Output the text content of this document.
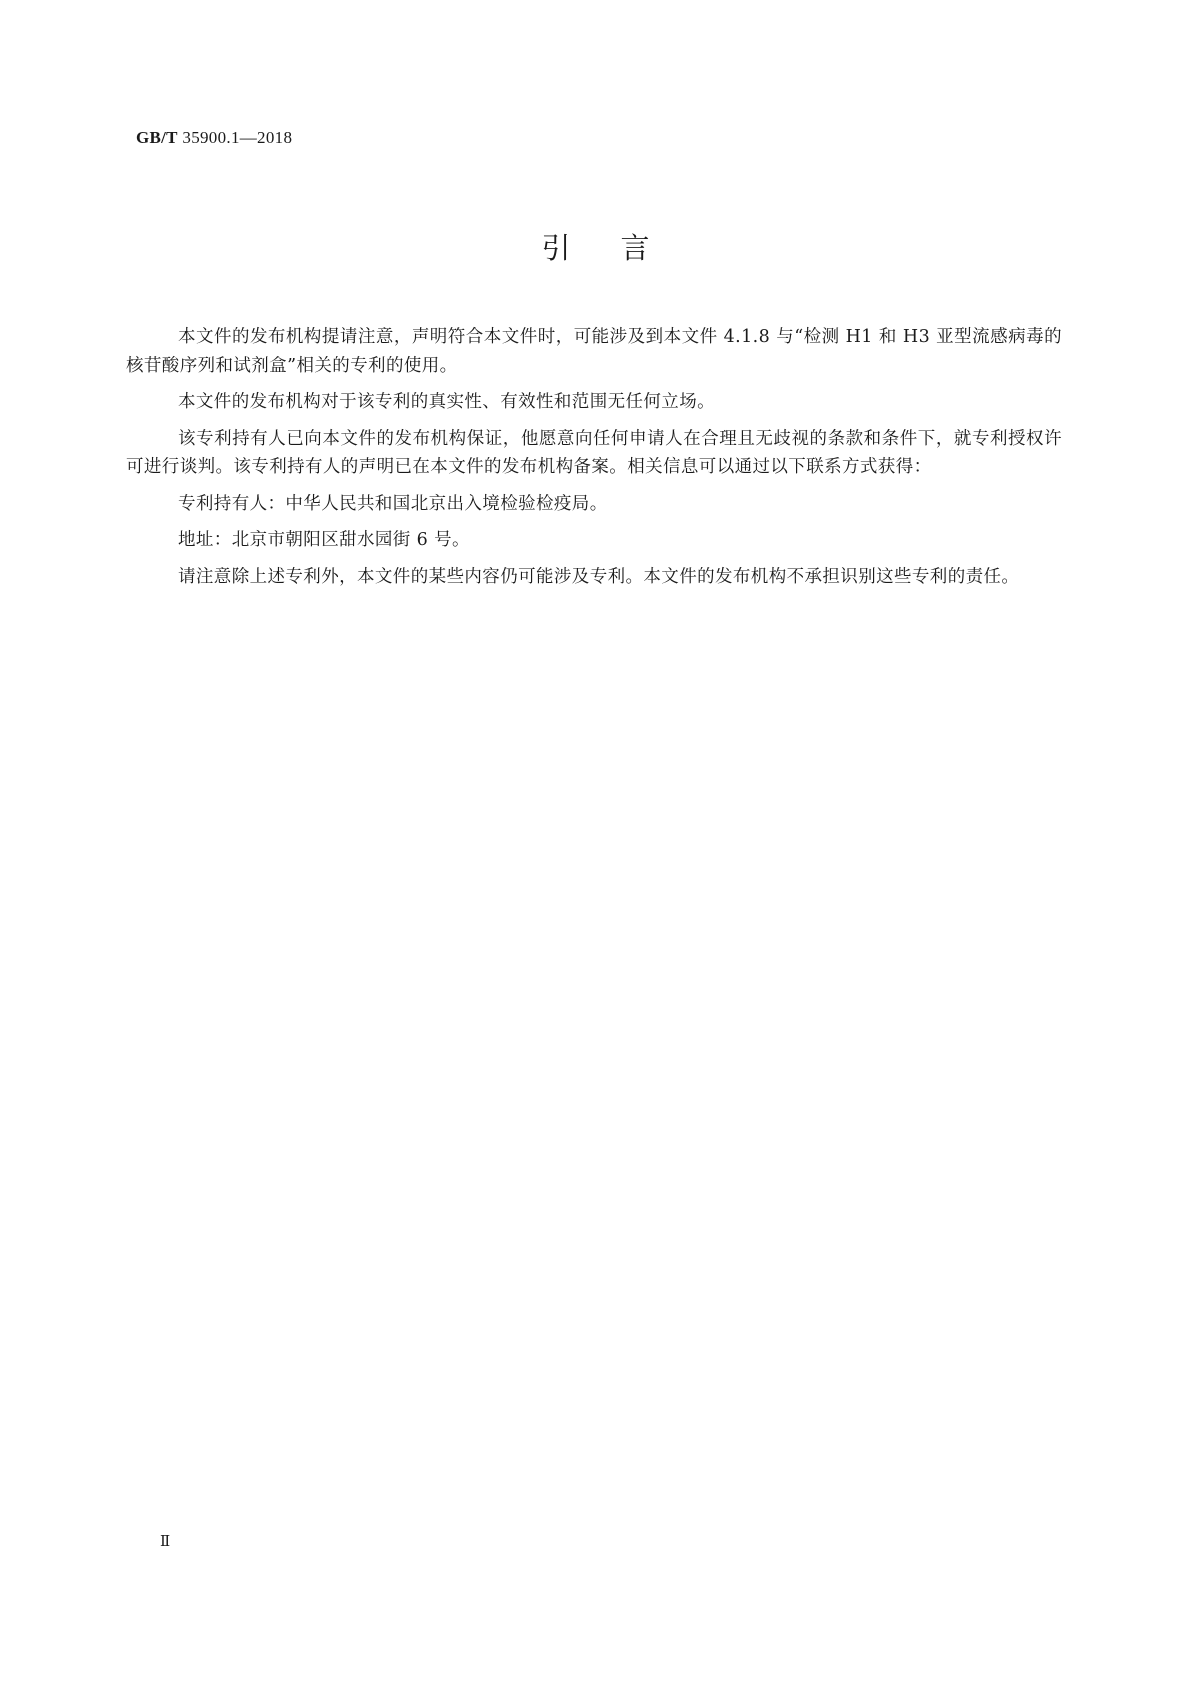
GB/T 35900.1—2018
引言

本文件的发布机构提请注意，声明符合本文件时，可能涉及到本文件 4.1.8 与“检测 H1 和 H3 亚型流感病毒的核苷酸序列和试剂盒”相关的专利的使用。

本文件的发布机构对于该专利的真实性、有效性和范围无任何立场。

该专利持有人已向本文件的发布机构保证，他愿意向任何申请人在合理且无歧视的条款和条件下，就专利授权许可进行谈判。该专利持有人的声明已在本文件的发布机构备案。相关信息可以通过以下联系方式获得：

专利持有人：中华人民共和国北京出入境检验检疫局。

地址：北京市朝阳区甜水园街 6 号。

请注意除上述专利外，本文件的某些内容仍可能涉及专利。本文件的发布机构不承担识别这些专利的责任。

Ⅱ
